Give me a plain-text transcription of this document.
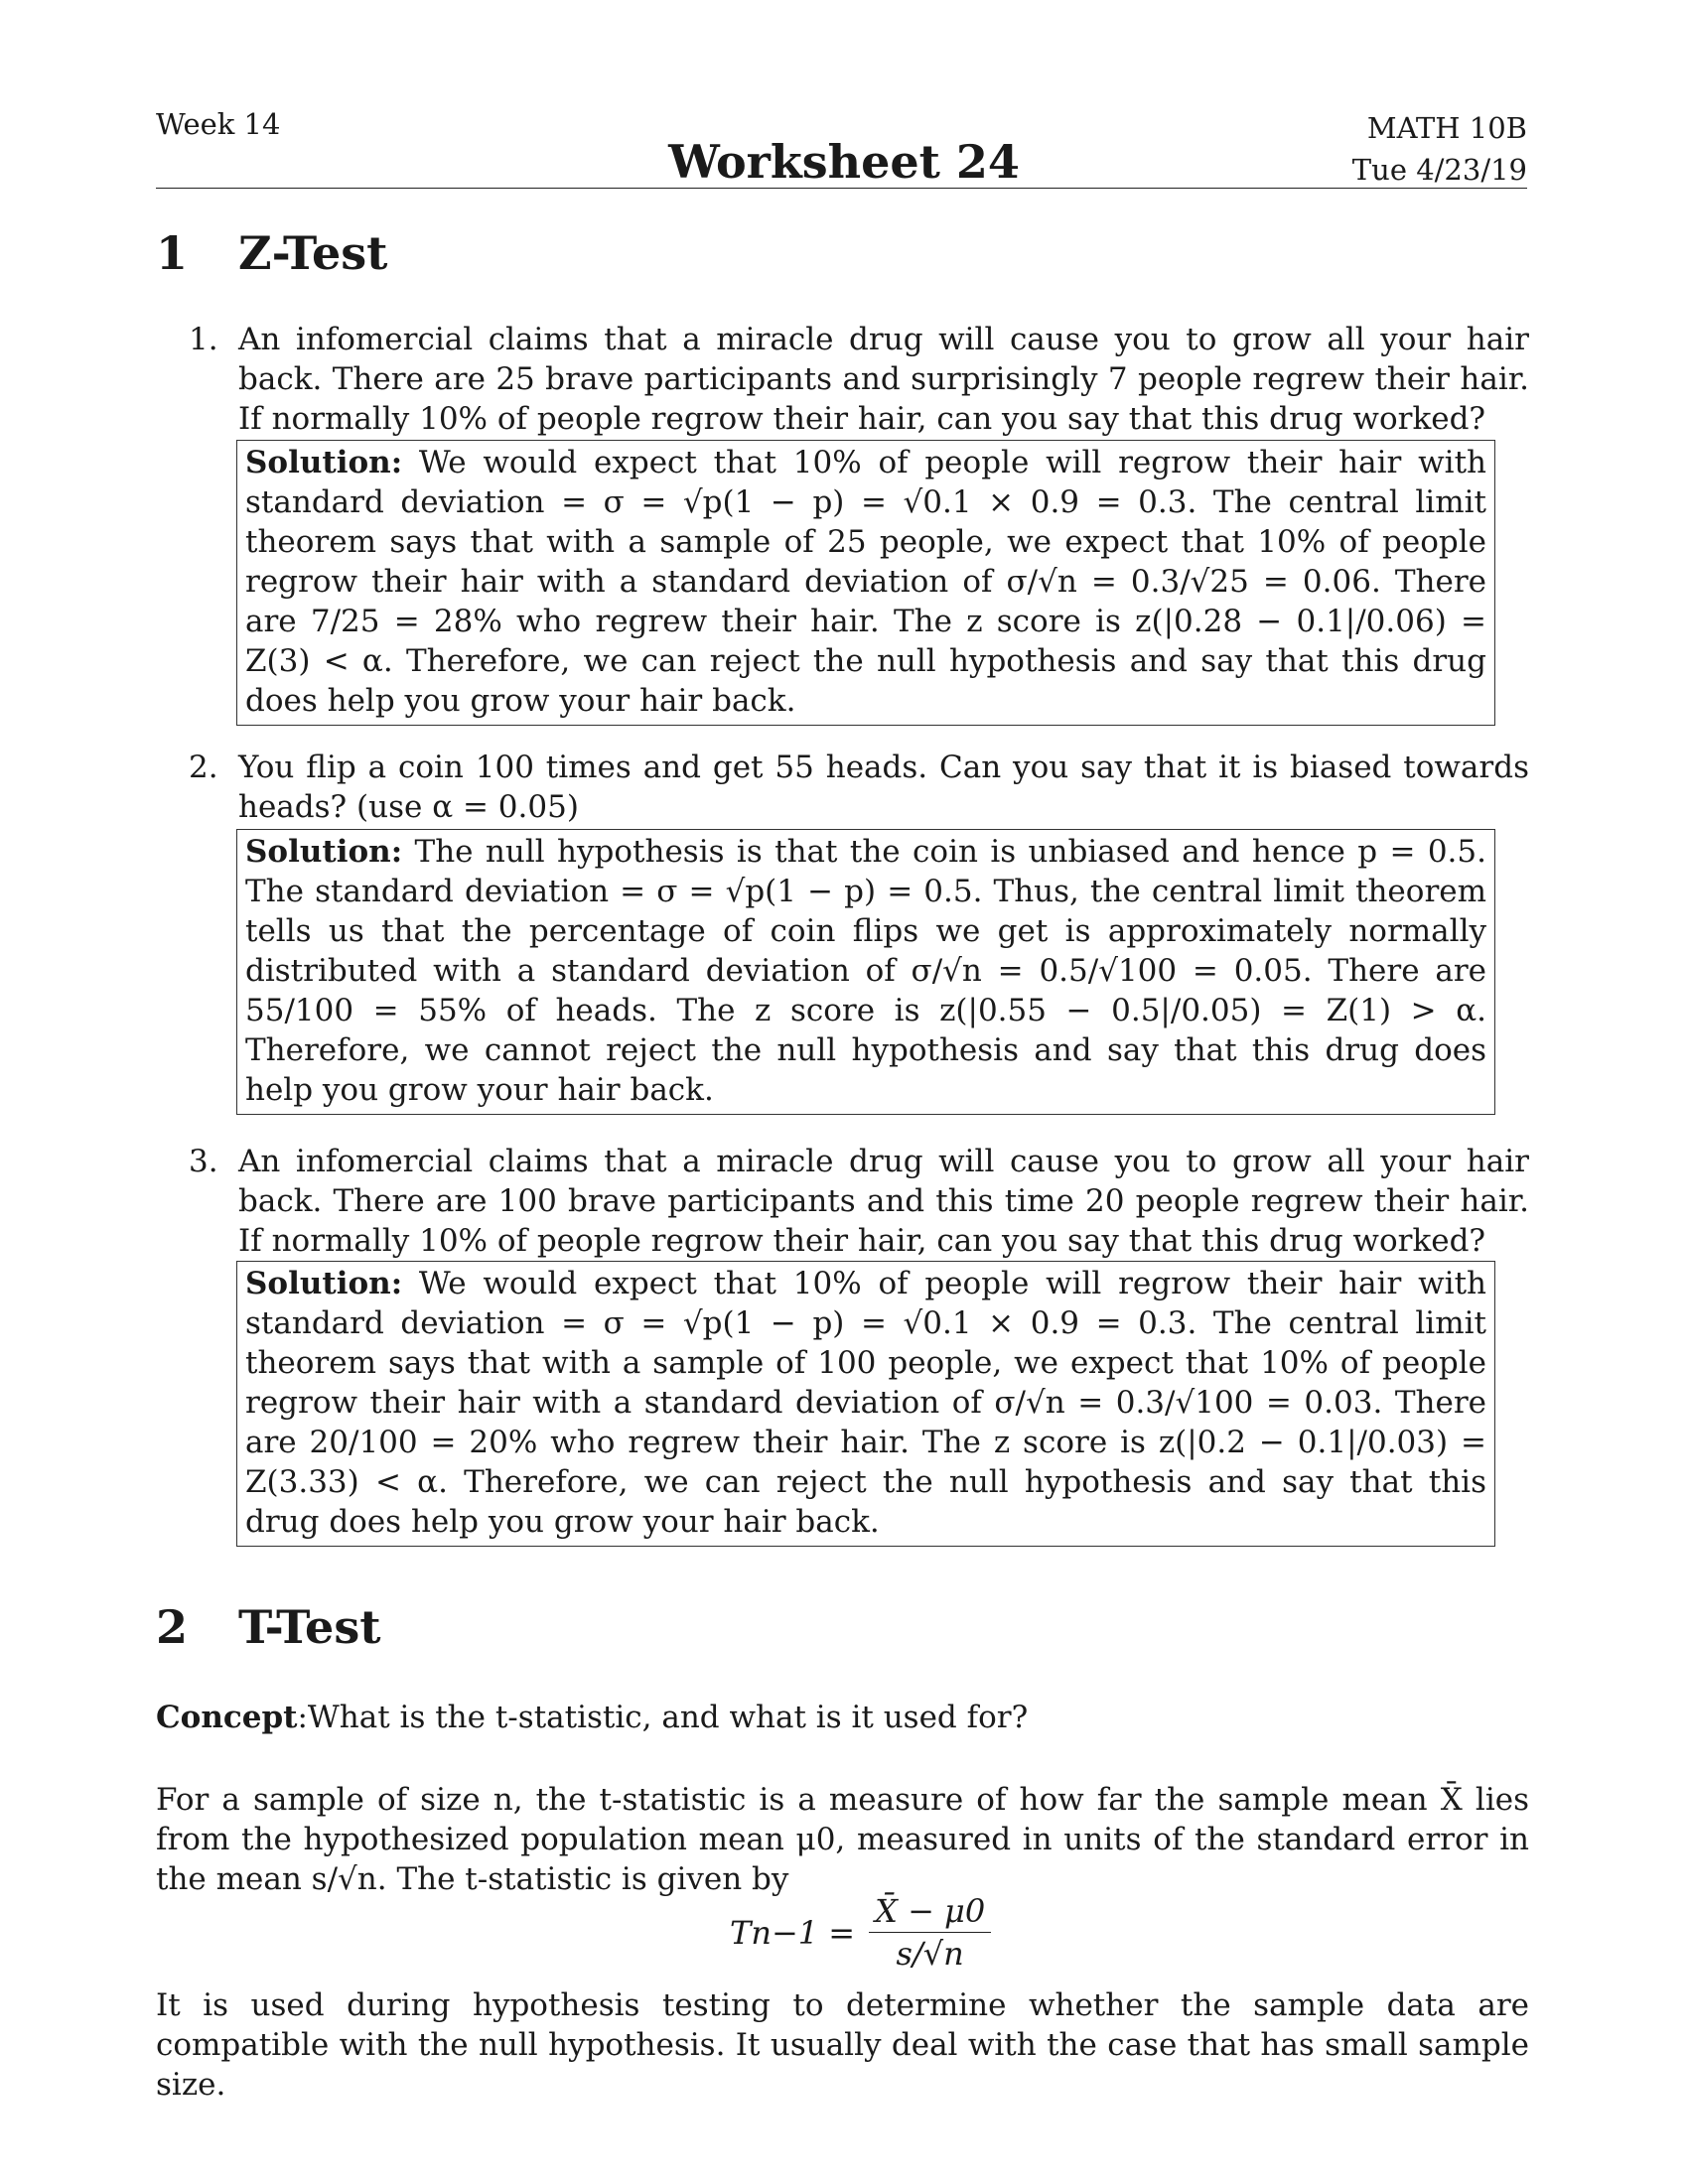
Week 14
Worksheet 24
MATH 10B
Tue 4/23/19
1 Z-Test
1. An infomercial claims that a miracle drug will cause you to grow all your hair back. There are 25 brave participants and surprisingly 7 people regrew their hair. If normally 10% of people regrow their hair, can you say that this drug worked?
Solution: We would expect that 10% of people will regrow their hair with standard deviation = σ = √p(1 − p) = √0.1 × 0.9 = 0.3. The central limit theorem says that with a sample of 25 people, we expect that 10% of people regrow their hair with a standard deviation of σ/√n = 0.3/√25 = 0.06. There are 7/25 = 28% who regrew their hair. The z score is z(|0.28 − 0.1|/0.06) = Z(3) < α. Therefore, we can reject the null hypothesis and say that this drug does help you grow your hair back.
2. You flip a coin 100 times and get 55 heads. Can you say that it is biased towards heads? (use α = 0.05)
Solution: The null hypothesis is that the coin is unbiased and hence p = 0.5. The standard deviation = σ = √p(1 − p) = 0.5. Thus, the central limit theorem tells us that the percentage of coin flips we get is approximately normally distributed with a standard deviation of σ/√n = 0.5/√100 = 0.05. There are 55/100 = 55% of heads. The z score is z(|0.55 − 0.5|/0.05) = Z(1) > α. Therefore, we cannot reject the null hypothesis and say that this drug does help you grow your hair back.
3. An infomercial claims that a miracle drug will cause you to grow all your hair back. There are 100 brave participants and this time 20 people regrew their hair. If normally 10% of people regrow their hair, can you say that this drug worked?
Solution: We would expect that 10% of people will regrow their hair with standard deviation = σ = √p(1 − p) = √0.1 × 0.9 = 0.3. The central limit theorem says that with a sample of 100 people, we expect that 10% of people regrow their hair with a standard deviation of σ/√n = 0.3/√100 = 0.03. There are 20/100 = 20% who regrew their hair. The z score is z(|0.2 − 0.1|/0.03) = Z(3.33) < α. Therefore, we can reject the null hypothesis and say that this drug does help you grow your hair back.
2 T-Test
Concept:What is the t-statistic, and what is it used for?
For a sample of size n, the t-statistic is a measure of how far the sample mean X̄ lies from the hypothesized population mean μ0, measured in units of the standard error in the mean s/√n. The t-statistic is given by
$Tn-1 = \frac{X̄ - \mu 0}{s/√n}$
It is used during hypothesis testing to determine whether the sample data are compatible with the null hypothesis. It usually deal with the case that has small sample size.
